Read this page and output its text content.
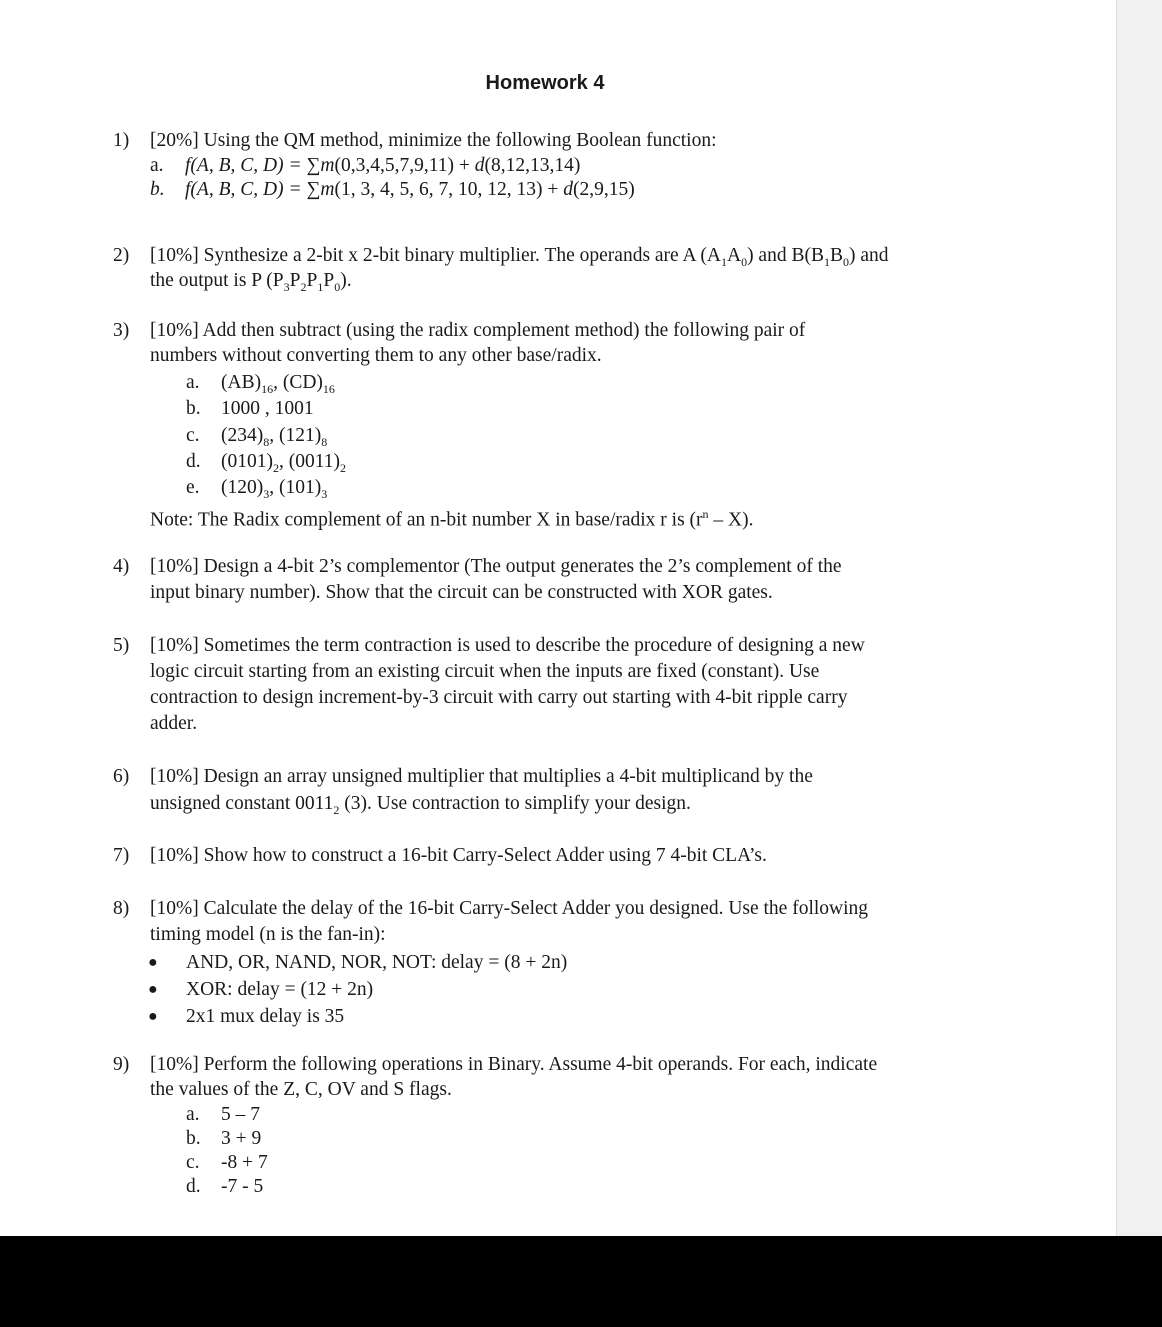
Homework 4
1) [20%] Using the QM method, minimize the following Boolean function:
a. f(A, B, C, D) = ∑m(0,3,4,5,7,9,11) + d(8,12,13,14)
b. f(A, B, C, D) = ∑m(1, 3, 4, 5, 6, 7, 10, 12, 13) + d(2,9,15)
2) [10%] Synthesize a 2-bit x 2-bit binary multiplier. The operands are A $(A_1A_0)$ and $B(B_1B_0)$ and
the output is P $(P_3P_2P_1P_0)$.
3) [10%] Add then subtract (using the radix complement method) the following pair of
numbers without converting them to any other base/radix.
a. $(AB)_{16}$, $(CD)_{16}$
b. 1000 , 1001
c. $(234)_8$, $(121)_8$
d. $(0101)_2$, $(0011)_2$
e. $(120)_3$, $(101)_3$
Note: The Radix complement of an n-bit number X in base/radix r is $(r^n - X)$.
4) [10%] Design a 4-bit 2’s complementor (The output generates the 2’s complement of the
input binary number). Show that the circuit can be constructed with XOR gates.
5) [10%] Sometimes the term contraction is used to describe the procedure of designing a new
logic circuit starting from an existing circuit when the inputs are fixed (constant). Use
contraction to design increment-by-3 circuit with carry out starting with 4-bit ripple carry
adder.
6) [10%] Design an array unsigned multiplier that multiplies a 4-bit multiplicand by the
unsigned constant $0011_2$ (3). Use contraction to simplify your design.
7) [10%] Show how to construct a 16-bit Carry-Select Adder using 7 4-bit CLA’s.
8) [10%] Calculate the delay of the 16-bit Carry-Select Adder you designed. Use the following
timing model (n is the fan-in):
● AND, OR, NAND, NOR, NOT: delay = (8 + 2n)
● XOR: delay = (12 + 2n)
● 2x1 mux delay is 35
9) [10%] Perform the following operations in Binary. Assume 4-bit operands. For each, indicate
the values of the Z, C, OV and S flags.
a. 5 – 7
b. 3 + 9
c. -8 + 7
d. -7 - 5
